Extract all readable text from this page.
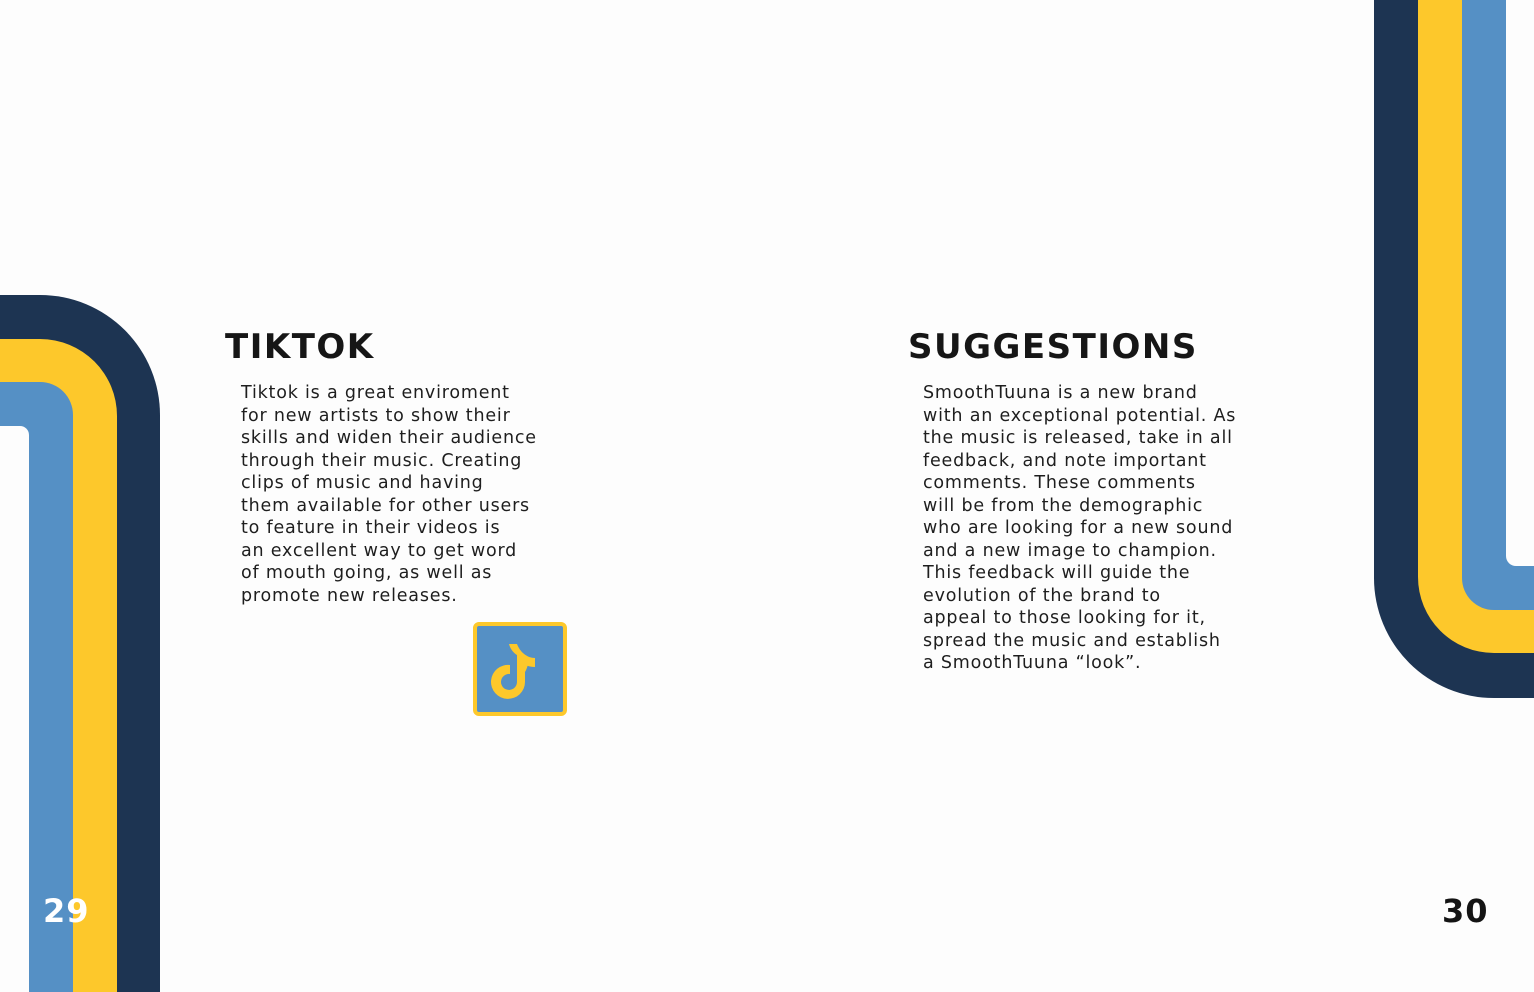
TIKTOK
Tiktok is a great enviroment
for new artists to show their
skills and widen their audience
through their music. Creating
clips of music and having
them available for other users
to feature in their videos is
an excellent way to get word
of mouth going, as well as
promote new releases.
29
SUGGESTIONS
SmoothTuuna is a new brand
with an exceptional potential. As
the music is released, take in all
feedback, and note important
comments. These comments
will be from the demographic
who are looking for a new sound
and a new image to champion.
This feedback will guide the
evolution of the brand to
appeal to those looking for it,
spread the music and establish
a SmoothTuuna “look”.
30
